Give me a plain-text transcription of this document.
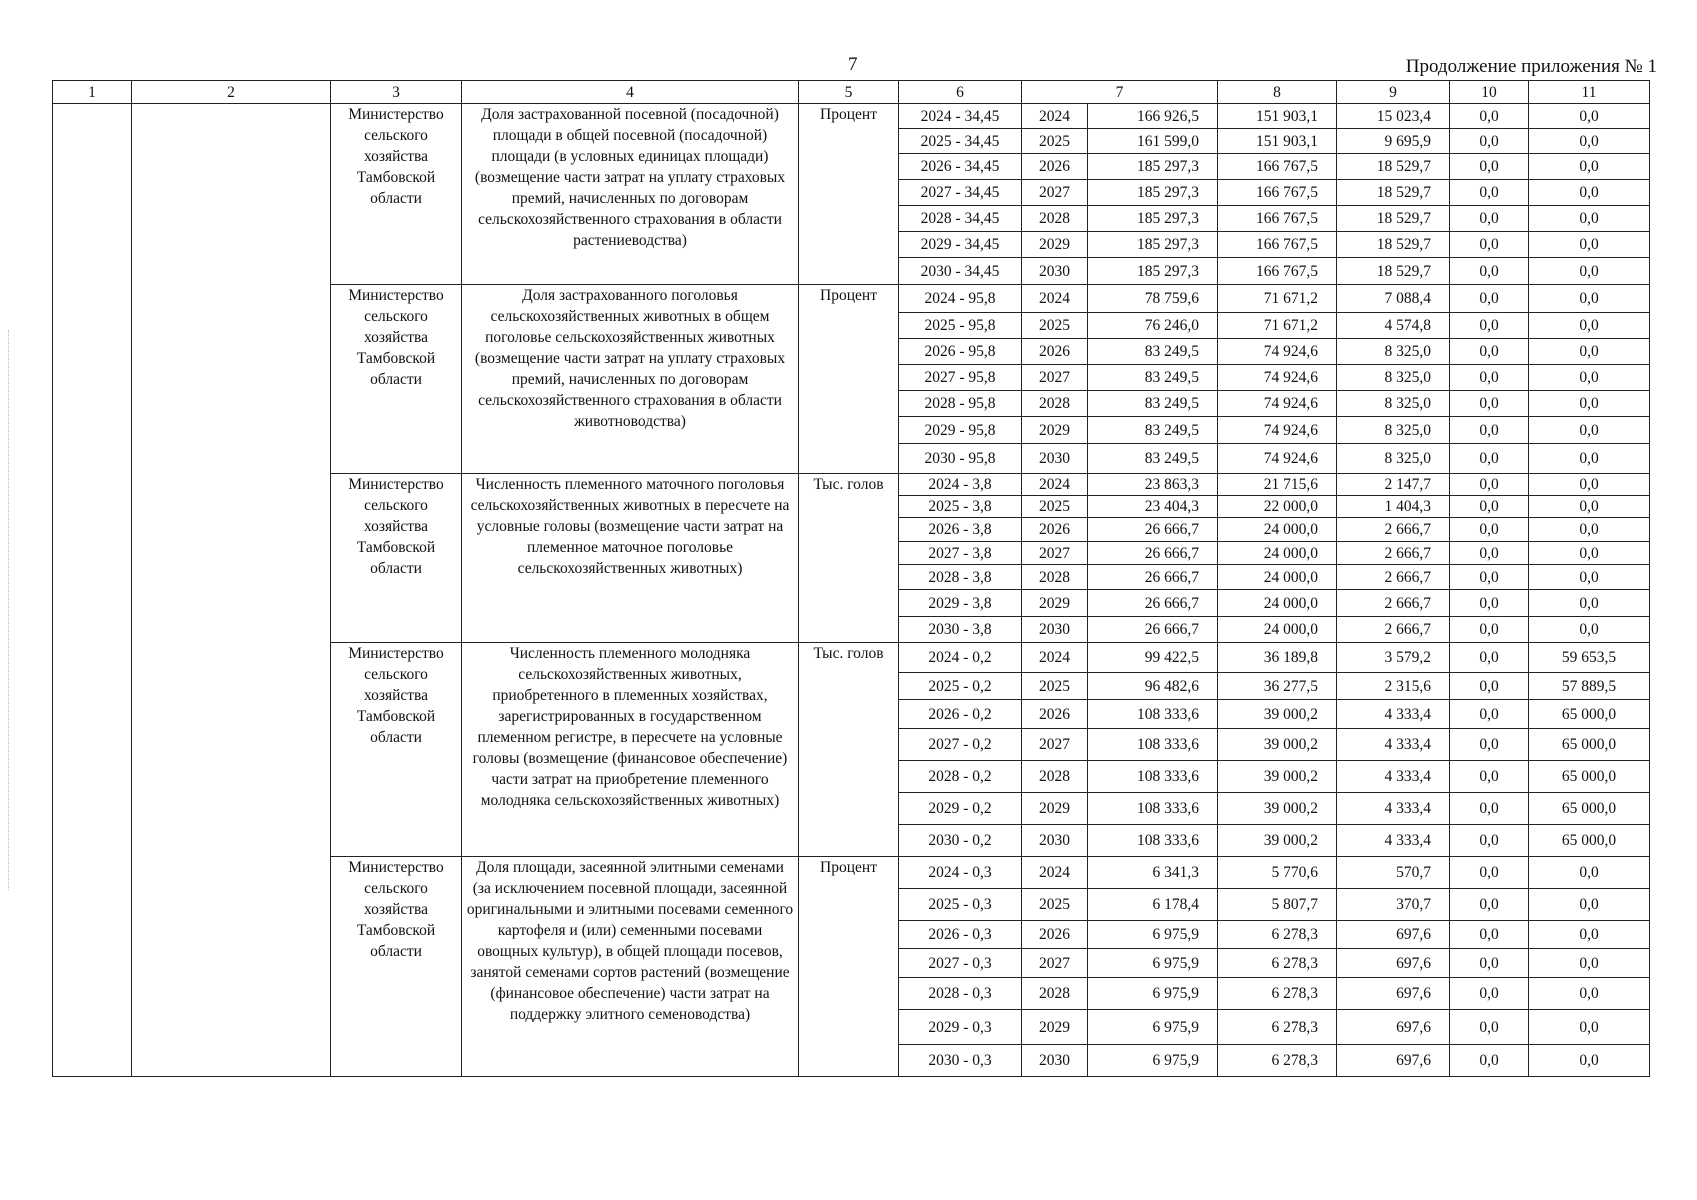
7	Продолжение приложения № 1
1	2	3	4	5	6	7		8	9	10	11
		Министерство сельского хозяйства Тамбовской области	Доля застрахованной посевной (посадочной) площади в общей посевной (посадочной) площади (в условных единицах площади) (возмещение части затрат на уплату страховых премий, начисленных по договорам сельскохозяйственного страхования в области растениеводства)	Процент	2024 - 34,45	2024	166 926,5	151 903,1	15 023,4	0,0	0,0
					2025 - 34,45	2025	161 599,0	151 903,1	9 695,9	0,0	0,0
					2026 - 34,45	2026	185 297,3	166 767,5	18 529,7	0,0	0,0
					2027 - 34,45	2027	185 297,3	166 767,5	18 529,7	0,0	0,0
					2028 - 34,45	2028	185 297,3	166 767,5	18 529,7	0,0	0,0
					2029 - 34,45	2029	185 297,3	166 767,5	18 529,7	0,0	0,0
					2030 - 34,45	2030	185 297,3	166 767,5	18 529,7	0,0	0,0
		Министерство сельского хозяйства Тамбовской области	Доля застрахованного поголовья сельскохозяйственных животных в общем поголовье сельскохозяйственных животных (возмещение части затрат на уплату страховых премий, начисленных по договорам сельскохозяйственного страхования в области животноводства)	Процент	2024 - 95,8	2024	78 759,6	71 671,2	7 088,4	0,0	0,0
					2025 - 95,8	2025	76 246,0	71 671,2	4 574,8	0,0	0,0
					2026 - 95,8	2026	83 249,5	74 924,6	8 325,0	0,0	0,0
					2027 - 95,8	2027	83 249,5	74 924,6	8 325,0	0,0	0,0
					2028 - 95,8	2028	83 249,5	74 924,6	8 325,0	0,0	0,0
					2029 - 95,8	2029	83 249,5	74 924,6	8 325,0	0,0	0,0
					2030 - 95,8	2030	83 249,5	74 924,6	8 325,0	0,0	0,0
		Министерство сельского хозяйства Тамбовской области	Численность племенного маточного поголовья сельскохозяйственных животных в пересчете на условные головы (возмещение части затрат на племенное маточное поголовье сельскохозяйственных животных)	Тыс. голов	2024 - 3,8	2024	23 863,3	21 715,6	2 147,7	0,0	0,0
					2025 - 3,8	2025	23 404,3	22 000,0	1 404,3	0,0	0,0
					2026 - 3,8	2026	26 666,7	24 000,0	2 666,7	0,0	0,0
					2027 - 3,8	2027	26 666,7	24 000,0	2 666,7	0,0	0,0
					2028 - 3,8	2028	26 666,7	24 000,0	2 666,7	0,0	0,0
					2029 - 3,8	2029	26 666,7	24 000,0	2 666,7	0,0	0,0
					2030 - 3,8	2030	26 666,7	24 000,0	2 666,7	0,0	0,0
		Министерство сельского хозяйства Тамбовской области	Численность племенного молодняка сельскохозяйственных животных, приобретенного в племенных хозяйствах, зарегистрированных в государственном племенном регистре, в пересчете на условные головы (возмещение (финансовое обеспечение) части затрат на приобретение племенного молодняка сельскохозяйственных животных)	Тыс. голов	2024 - 0,2	2024	99 422,5	36 189,8	3 579,2	0,0	59 653,5
					2025 - 0,2	2025	96 482,6	36 277,5	2 315,6	0,0	57 889,5
					2026 - 0,2	2026	108 333,6	39 000,2	4 333,4	0,0	65 000,0
					2027 - 0,2	2027	108 333,6	39 000,2	4 333,4	0,0	65 000,0
					2028 - 0,2	2028	108 333,6	39 000,2	4 333,4	0,0	65 000,0
					2029 - 0,2	2029	108 333,6	39 000,2	4 333,4	0,0	65 000,0
					2030 - 0,2	2030	108 333,6	39 000,2	4 333,4	0,0	65 000,0
		Министерство сельского хозяйства Тамбовской области	Доля площади, засеянной элитными семенами (за исключением посевной площади, засеянной оригинальными и элитными посевами семенного картофеля и (или) семенными посевами овощных культур), в общей площади посевов, занятой семенами сортов растений (возмещение (финансовое обеспечение) части затрат на поддержку элитного семеноводства)	Процент	2024 - 0,3	2024	6 341,3	5 770,6	570,7	0,0	0,0
					2025 - 0,3	2025	6 178,4	5 807,7	370,7	0,0	0,0
					2026 - 0,3	2026	6 975,9	6 278,3	697,6	0,0	0,0
					2027 - 0,3	2027	6 975,9	6 278,3	697,6	0,0	0,0
					2028 - 0,3	2028	6 975,9	6 278,3	697,6	0,0	0,0
					2029 - 0,3	2029	6 975,9	6 278,3	697,6	0,0	0,0
					2030 - 0,3	2030	6 975,9	6 278,3	697,6	0,0	0,0
